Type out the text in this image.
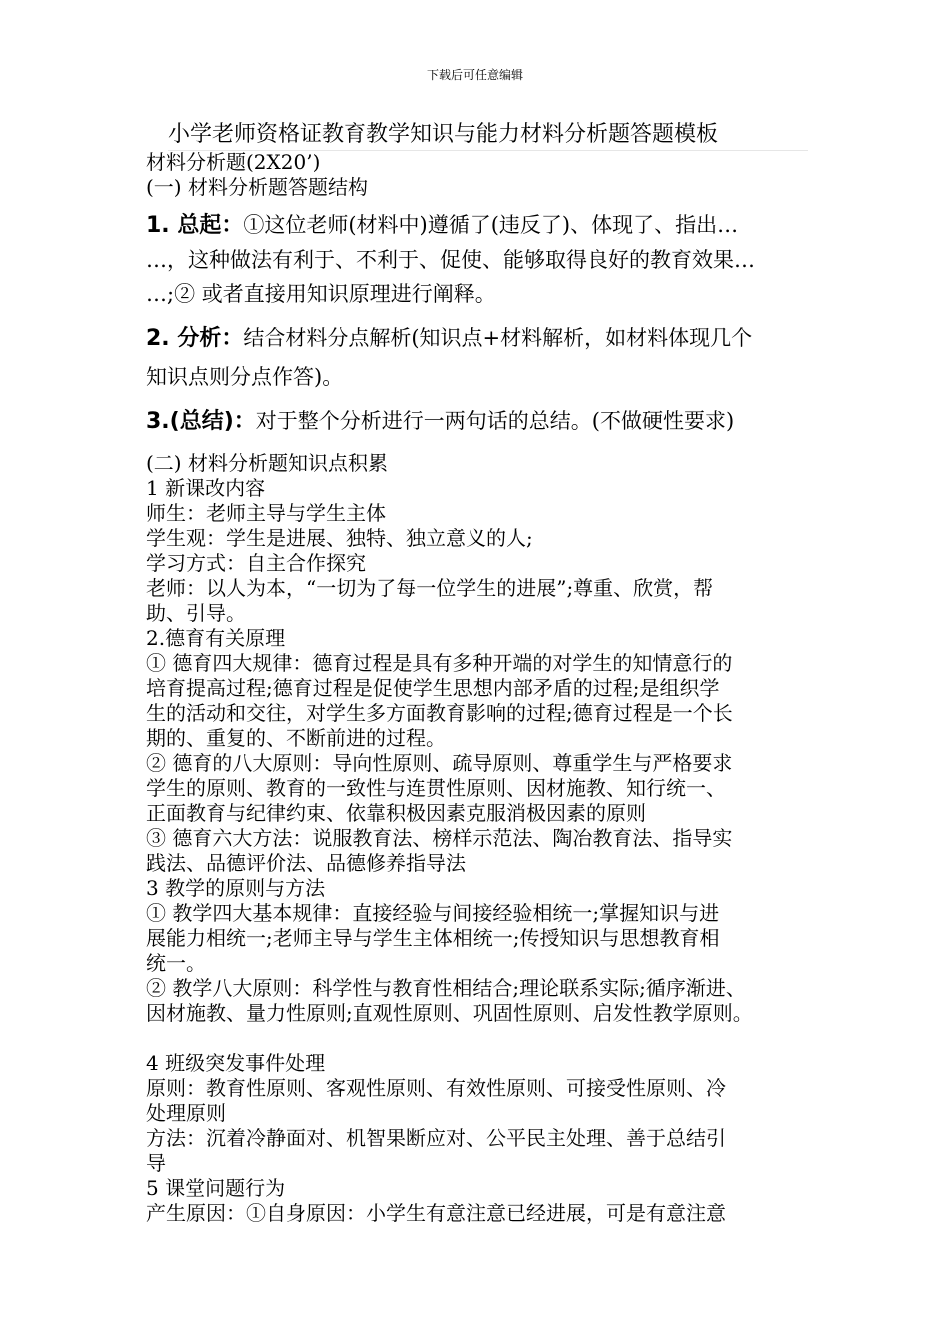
下载后可任意编辑
小学老师资格证教育教学知识与能力材料分析题答题模板
材料分析题(2X20’)
(一) 材料分析题答题结构
1. 总起：①这位老师(材料中)遵循了(违反了)、体现了、指出…
…，这种做法有利于、不利于、促使、能够取得良好的教育效果…
…;② 或者直接用知识原理进行阐释。
2. 分析：结合材料分点解析(知识点+材料解析，如材料体现几个
知识点则分点作答)。
3.(总结)：对于整个分析进行一两句话的总结。(不做硬性要求)
(二) 材料分析题知识点积累
1 新课改内容
师生：老师主导与学生主体
学生观：学生是进展、独特、独立意义的人;
学习方式：自主合作探究
老师：以人为本，“一切为了每一位学生的进展”;尊重、欣赏，帮
助、引导。
2.德育有关原理
① 德育四大规律：德育过程是具有多种开端的对学生的知情意行的
培育提高过程;德育过程是促使学生思想内部矛盾的过程;是组织学
生的活动和交往，对学生多方面教育影响的过程;德育过程是一个长
期的、重复的、不断前进的过程。
② 德育的八大原则：导向性原则、疏导原则、尊重学生与严格要求
学生的原则、教育的一致性与连贯性原则、因材施教、知行统一、
正面教育与纪律约束、依靠积极因素克服消极因素的原则
③ 德育六大方法：说服教育法、榜样示范法、陶冶教育法、指导实
践法、品德评价法、品德修养指导法
3 教学的原则与方法
① 教学四大基本规律：直接经验与间接经验相统一;掌握知识与进
展能力相统一;老师主导与学生主体相统一;传授知识与思想教育相
统一。
② 教学八大原则：科学性与教育性相结合;理论联系实际;循序渐进、
因材施教、量力性原则;直观性原则、巩固性原则、启发性教学原则。
4 班级突发事件处理
原则：教育性原则、客观性原则、有效性原则、可接受性原则、冷
处理原则
方法：沉着冷静面对、机智果断应对、公平民主处理、善于总结引
导
5 课堂问题行为
产生原因：①自身原因：小学生有意注意已经进展，可是有意注意
